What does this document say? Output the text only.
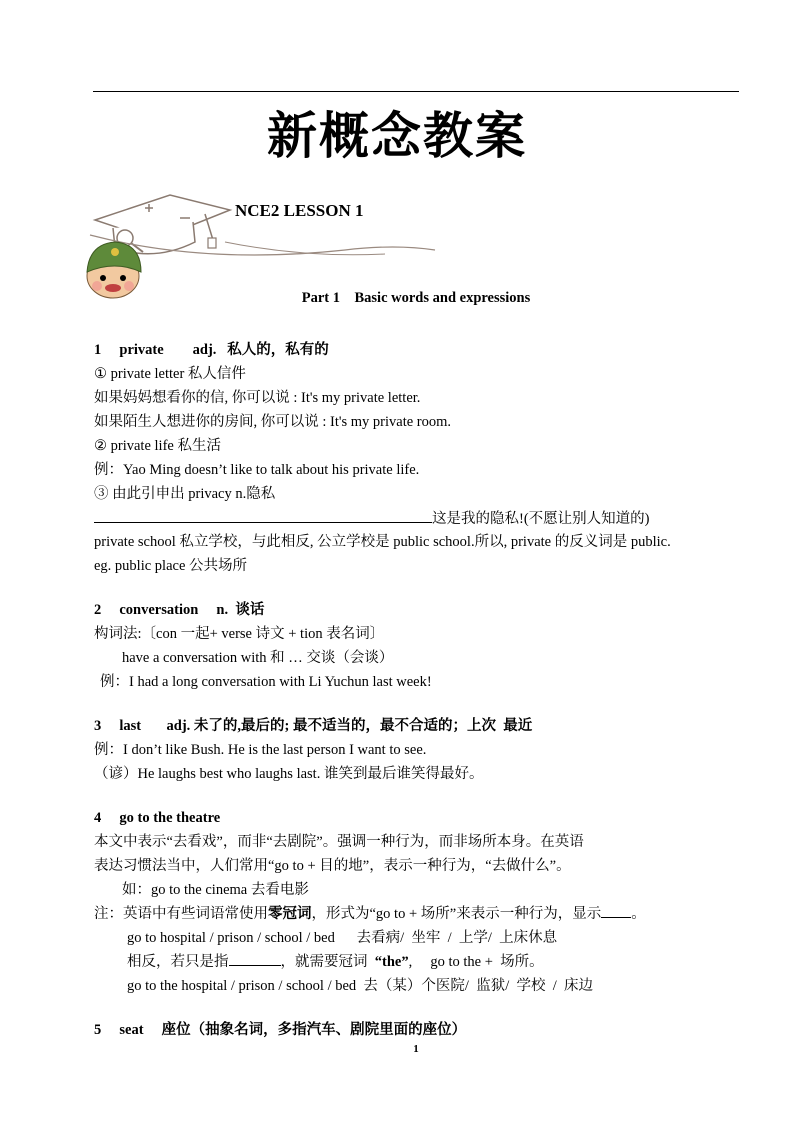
新概念教案
NCE2 LESSON 1
Part 1    Basic words and expressions
1     private        adj.   私人的，私有的
① private letter 私人信件
如果妈妈想看你的信, 你可以说 : It's my private letter.
如果陌生人想进你的房间, 你可以说 : It's my private room.
② private life 私生活
例：Yao Ming doesn’t like to talk about his private life.
③ 由此引申出 privacy n.隐私
这是我的隐私!(不愿让别人知道的)
private school 私立学校，与此相反, 公立学校是 public school.所以, private 的反义词是 public.
eg. public place 公共场所
2     conversation     n.  谈话
构词法:〔con 一起+ verse 诗文 + tion 表名词〕
have a conversation with 和 … 交谈（会谈）
例：I had a long conversation with Li Yuchun last week!
3     last       adj. 未了的,最后的; 最不适当的，最不合适的；上次  最近
例：I don’t like Bush. He is the last person I want to see.
（谚）He laughs best who laughs last. 谁笑到最后谁笑得最好。
4     go to the theatre
本文中表示“去看戏”，而非“去剧院”。强调一种行为，而非场所本身。在英语
表达习惯法当中，人们常用“go to + 目的地”，表示一种行为，“去做什么”。
如：go to the cinema 去看电影
注：英语中有些词语常使用零冠词，形式为“go to + 场所”来表示一种行为，显示 。
go to hospital / prison / school / bed      去看病/  坐牢  /  上学/  上床休息
相反，若只是指	，就需要冠词  “the”,     go to the +  场所。
go to the hospital / prison / school / bed  去（某）个医院/  监狱/  学校  /  床边
5     seat     座位（抽象名词，多指汽车、剧院里面的座位）
1
